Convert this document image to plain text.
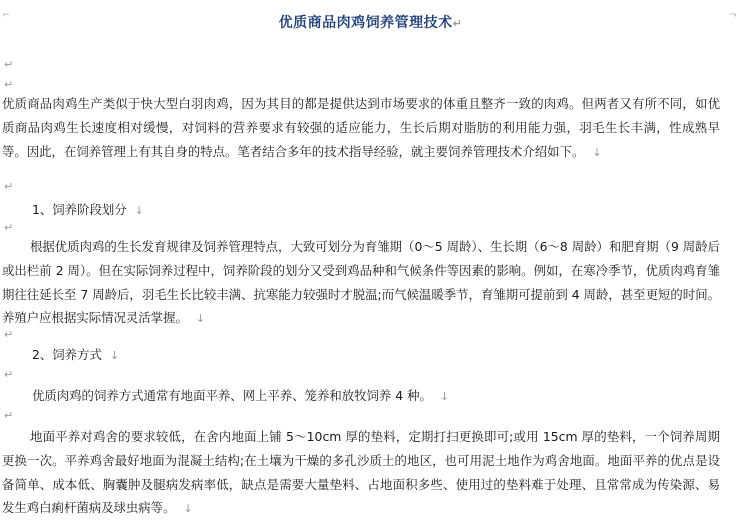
⌐	¬
优质商品肉鸡饲养管理技术↵
↵
↵
优质商品肉鸡生产类似于快大型白羽肉鸡，因为其目的都是提供达到市场要求的体重且整齐一致的肉鸡。但两者又有所不同，如优质商品肉鸡生长速度相对缓慢，对饲料的营养要求有较强的适应能力，生长后期对脂肪的利用能力强，羽毛生长丰满，性成熟早等。因此，在饲养管理上有其自身的特点。笔者结合多年的技术指导经验，就主要饲养管理技术介绍如下。↓
↵
1、饲养阶段划分↓
↵
根据优质肉鸡的生长发育规律及饲养管理特点，大致可划分为育雏期（0～5 周龄）、生长期（6～8 周龄）和肥育期（9 周龄后或出栏前 2 周）。但在实际饲养过程中，饲养阶段的划分又受到鸡品种和气候条件等因素的影响。例如，在寒冷季节，优质肉鸡育雏期往往延长至 7 周龄后，羽毛生长比较丰满、抗寒能力较强时才脱温;而气候温暖季节，育雏期可提前到 4 周龄，甚至更短的时间。养殖户应根据实际情况灵活掌握。↓
↵
2、饲养方式↓
↵
优质肉鸡的饲养方式通常有地面平养、网上平养、笼养和放牧饲养 4 种。↓
↵
地面平养对鸡舍的要求较低，在舍内地面上铺 5～10cm 厚的垫料，定期打扫更换即可;或用 15cm 厚的垫料，一个饲养周期更换一次。平养鸡舍最好地面为混凝土结构;在土壤为干燥的多孔沙质土的地区，也可用泥土地作为鸡舍地面。地面平养的优点是设备简单、成本低、胸囊肿及腿病发病率低，缺点是需要大量垫料、占地面积多些、使用过的垫料难于处理、且常常成为传染源、易发生鸡白痢杆菌病及球虫病等。↓
